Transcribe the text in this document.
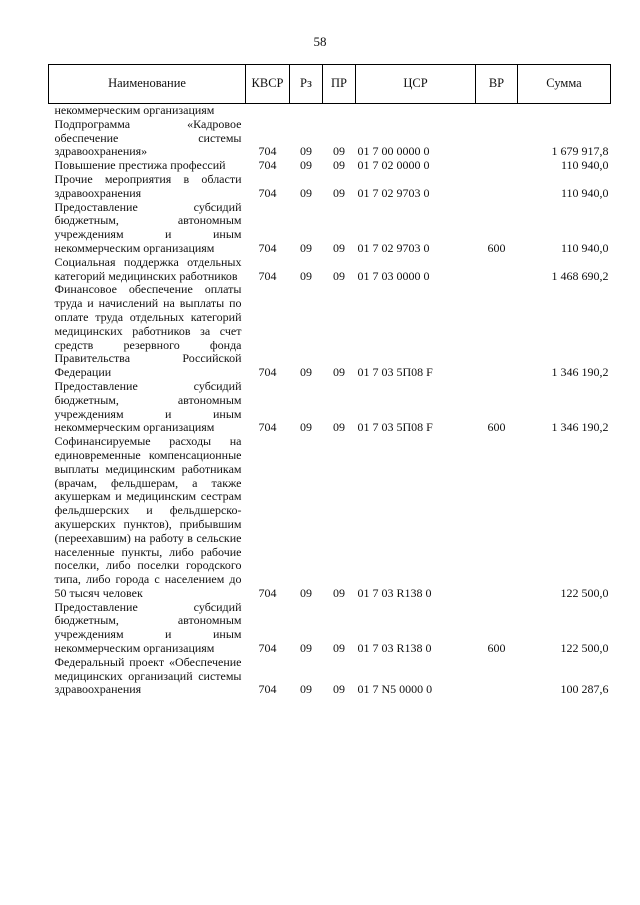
58
Наименование	КВСР	Рз	ПР	ЦСР	ВР	Сумма
некоммерческим организациям						
Подпрограмма «Кадровое обеспечение системы здравоохранения»	704	09	09	01 7 00 0000 0		1 679 917,8
Повышение престижа профессий	704	09	09	01 7 02 0000 0		110 940,0
Прочие мероприятия в области здравоохранения	704	09	09	01 7 02 9703 0		110 940,0
Предоставление субсидий бюджетным, автономным учреждениям и иным некоммерческим организациям	704	09	09	01 7 02 9703 0	600	110 940,0
Социальная поддержка отдельных категорий медицинских работников	704	09	09	01 7 03 0000 0		1 468 690,2
Финансовое обеспечение оплаты труда и начислений на выплаты по оплате труда отдельных категорий медицинских работников за счет средств резервного фонда Правительства Российской Федерации	704	09	09	01 7 03 5П08 F		1 346 190,2
Предоставление субсидий бюджетным, автономным учреждениям и иным некоммерческим организациям	704	09	09	01 7 03 5П08 F	600	1 346 190,2
Софинансируемые расходы на единовременные компенсационные выплаты медицинским работникам (врачам, фельдшерам, а также акушеркам и медицинским сестрам фельдшерских и фельдшерско-акушерских пунктов), прибывшим (переехавшим) на работу в сельские населенные пункты, либо рабочие поселки, либо поселки городского типа, либо города с населением до 50 тысяч человек	704	09	09	01 7 03 R138 0		122 500,0
Предоставление субсидий бюджетным, автономным учреждениям и иным некоммерческим организациям	704	09	09	01 7 03 R138 0	600	122 500,0
Федеральный проект «Обеспечение медицинских организаций системы здравоохранения	704	09	09	01 7 N5 0000 0		100 287,6
